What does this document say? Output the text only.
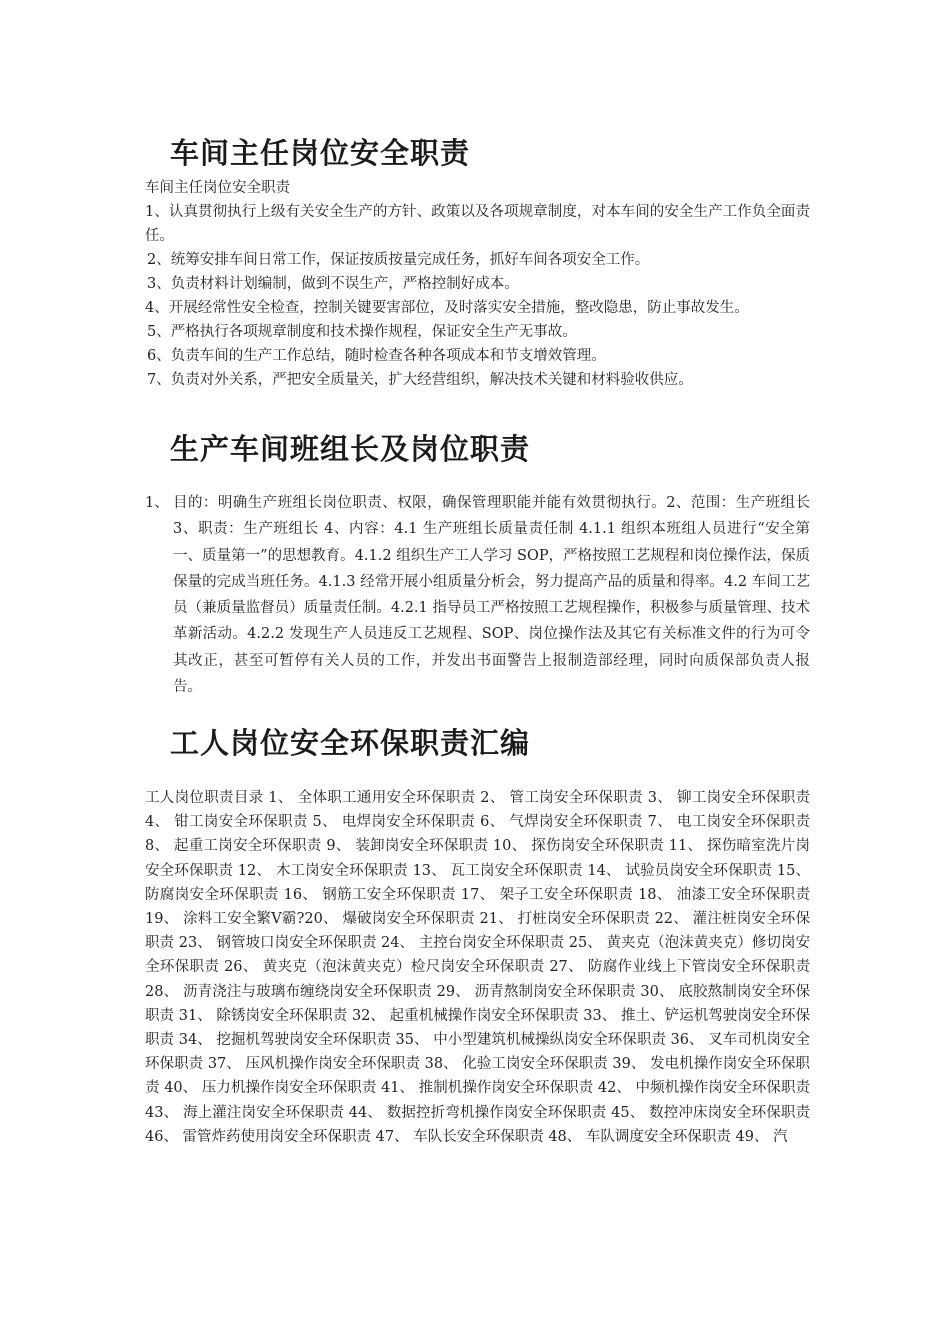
车间主任岗位安全职责

车间主任岗位安全职责

1、认真贯彻执行上级有关安全生产的方针、政策以及各项规章制度，对本车间的安全生产工作负全面责任。

2、统筹安排车间日常工作，保证按质按量完成任务，抓好车间各项安全工作。

3、负责材料计划编制，做到不误生产，严格控制好成本。

4、开展经常性安全检查，控制关键要害部位，及时落实安全措施，整改隐患，防止事故发生。

5、严格执行各项规章制度和技术操作规程，保证安全生产无事故。

6、负责车间的生产工作总结，随时检查各种各项成本和节支增效管理。

7、负责对外关系，严把安全质量关，扩大经营组织，解决技术关键和材料验收供应。

生产车间班组长及岗位职责
1、 目的：明确生产班组长岗位职责、权限，确保管理职能并能有效贯彻执行。2、范围：生产班组长 3、职责：生产班组长 4、内容：4.1 生产班组长质量责任制 4.1.1 组织本班组人员进行“安全第一、质量第一”的思想教育。4.1.2 组织生产工人学习 SOP，严格按照工艺规程和岗位操作法，保质保量的完成当班任务。4.1.3 经常开展小组质量分析会，努力提高产品的质量和得率。4.2 车间工艺员（兼质量监督员）质量责任制。4.2.1 指导员工严格按照工艺规程操作，积极参与质量管理、技术革新活动。4.2.2 发现生产人员违反工艺规程、SOP、岗位操作法及其它有关标准文件的行为可令其改正，甚至可暂停有关人员的工作，并发出书面警告上报制造部经理，同时向质保部负责人报告。
工人岗位安全环保职责汇编
工人岗位职责目录 1、 全体职工通用安全环保职责 2、 管工岗安全环保职责 3、 铆工岗安全环保职责 4、 钳工岗安全环保职责 5、 电焊岗安全环保职责 6、 气焊岗安全环保职责 7、 电工岗安全环保职责 8、 起重工岗安全环保职责 9、 装卸岗安全环保职责 10、 探伤岗安全环保职责 11、 探伤暗室洗片岗安全环保职责 12、 木工岗安全环保职责 13、 瓦工岗安全环保职责 14、 试验员岗安全环保职责 15、 防腐岗安全环保职责 16、 钢筋工安全环保职责 17、 架子工安全环保职责 18、 油漆工安全环保职责 19、 涂料工安全繁Ⅴ霸?20、 爆破岗安全环保职责 21、 打桩岗安全环保职责 22、 灌注桩岗安全环保职责 23、 钢管坡口岗安全环保职责 24、 主控台岗安全环保职责 25、 黄夹克（泡沫黄夹克）修切岗安全环保职责 26、 黄夹克（泡沫黄夹克）检尺岗安全环保职责 27、 防腐作业线上下管岗安全环保职责 28、 沥青浇注与玻璃布缠绕岗安全环保职责 29、 沥青熬制岗安全环保职责 30、 底胶熬制岗安全环保职责 31、 除锈岗安全环保职责 32、 起重机械操作岗安全环保职责 33、 推土、铲运机驾驶岗安全环保职责 34、 挖掘机驾驶岗安全环保职责 35、 中小型建筑机械操纵岗安全环保职责 36、 叉车司机岗安全环保职责 37、 压风机操作岗安全环保职责 38、 化验工岗安全环保职责 39、 发电机操作岗安全环保职责 40、 压力机操作岗安全环保职责 41、 推制机操作岗安全环保职责 42、 中频机操作岗安全环保职责 43、 海上灌注岗安全环保职责 44、 数据控折弯机操作岗安全环保职责 45、 数控冲床岗安全环保职责 46、 雷管炸药使用岗安全环保职责 47、 车队长安全环保职责 48、 车队调度安全环保职责 49、 汽
